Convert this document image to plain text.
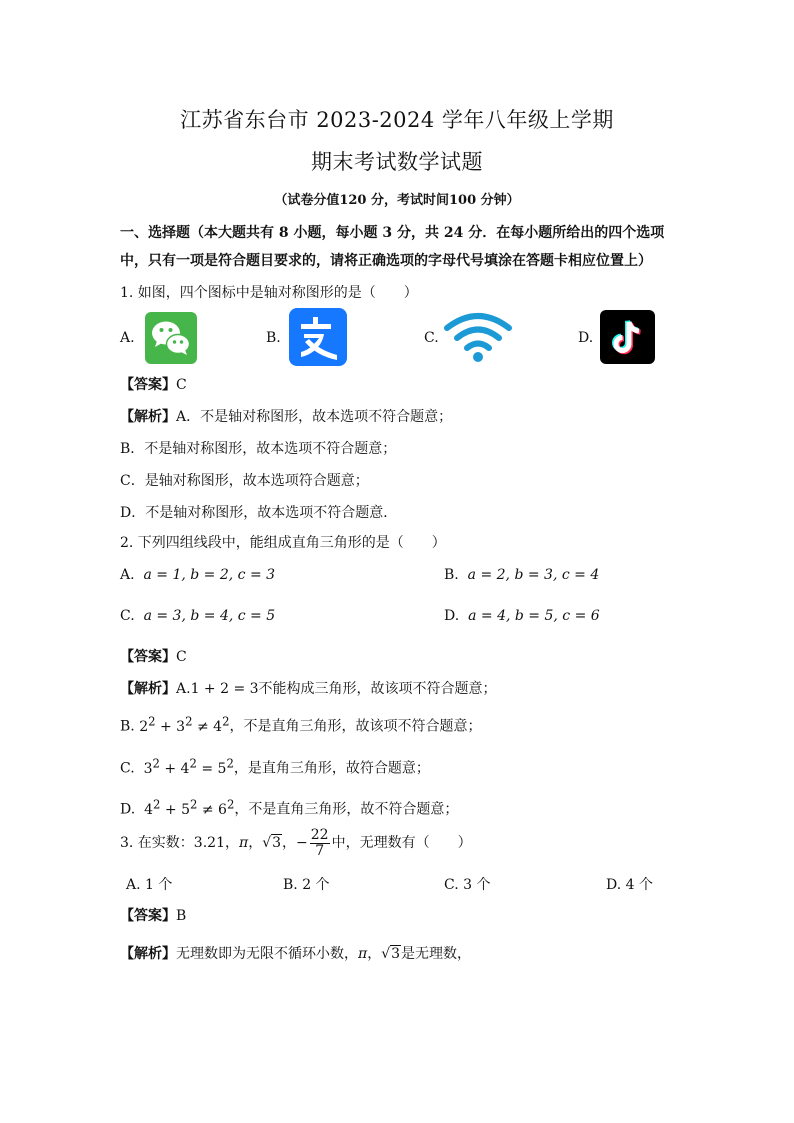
江苏省东台市 2023-2024 学年八年级上学期
期末考试数学试题
（试卷分值120 分，考试时间100 分钟）
一、选择题（本大题共有 8 小题，每小题 3 分，共 24 分．在每小题所给出的四个选项
中，只有一项是符合题目要求的，请将正确选项的字母代号填涂在答题卡相应位置上）
1. 如图，四个图标中是轴对称图形的是（　　）
A.	B.	C.	D.
【答案】C
【解析】A．不是轴对称图形，故本选项不符合题意；
B．不是轴对称图形，故本选项不符合题意；
C．是轴对称图形，故本选项符合题意；
D．不是轴对称图形，故本选项不符合题意．
2. 下列四组线段中，能组成直角三角形的是（　　）
A. a = 1, b = 2, c = 3	B. a = 2, b = 3, c = 4
C. a = 3, b = 4, c = 5	D. a = 4, b = 5, c = 6
【答案】C
【解析】A.1 + 2 = 3不能构成三角形，故该项不符合题意；
B. $2^2 + 3^2 \ne 4^2$，不是直角三角形，故该项不符合题意；
C. $3^2 + 4^2 = 5^2$，是直角三角形，故符合题意；
D. $4^2 + 5^2 \ne 6^2$，不是直角三角形，故不符合题意；
3. 在实数：3.21，π，√3，− $\frac{22}{7}$ 中，无理数有（　　）
A. 1 个	B. 2 个	C. 3 个	D. 4 个
【答案】B
【解析】无理数即为无限不循环小数，π，√3是无理数，
